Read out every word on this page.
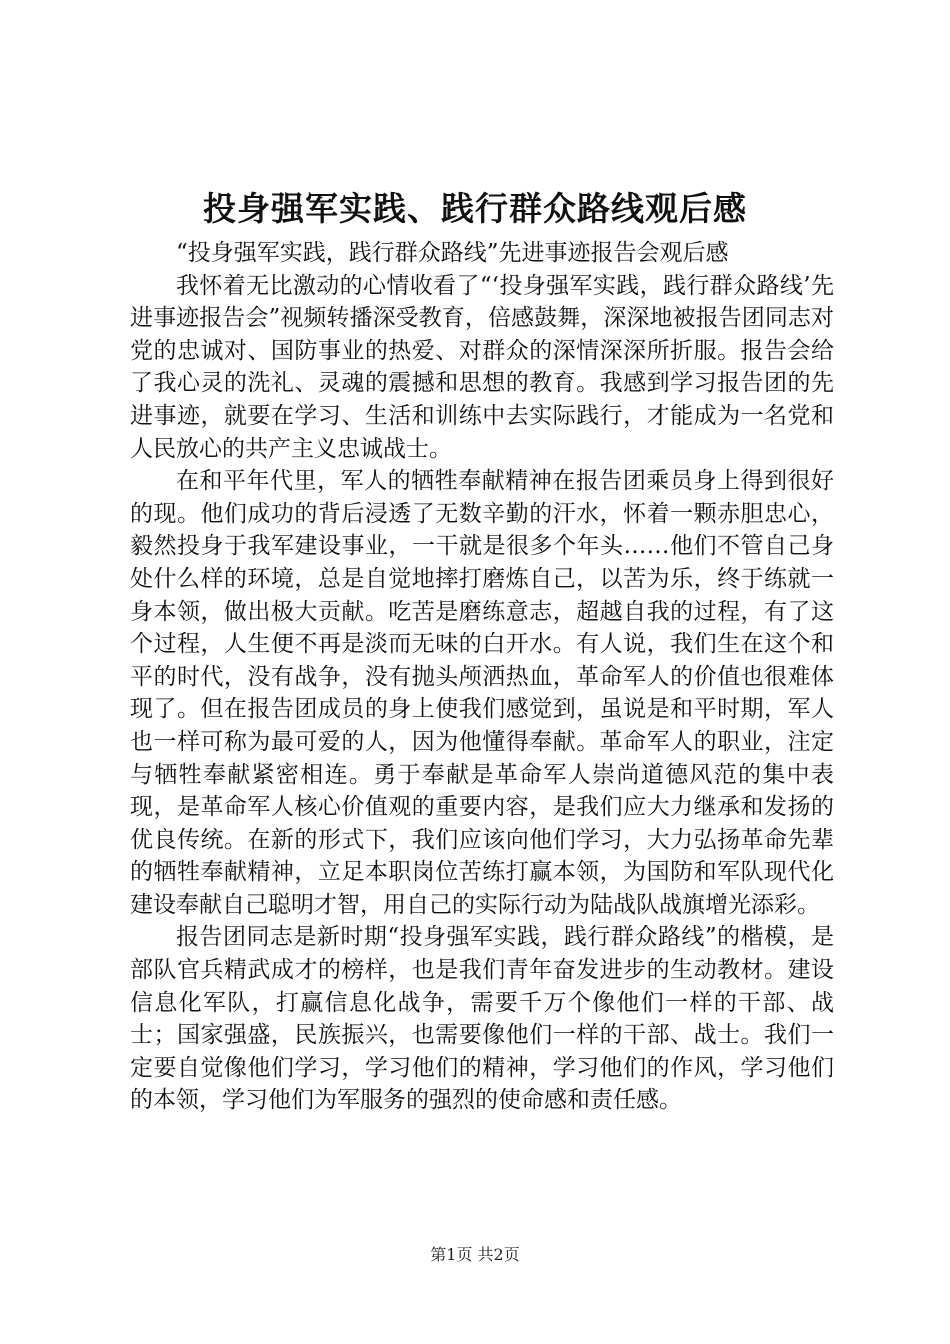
投身强军实践、践行群众路线观后感

“投身强军实践，践行群众路线”先进事迹报告会观后感

我怀着无比激动的心情收看了“‘投身强军实践，践行群众路线’先进事迹报告会”视频转播深受教育，倍感鼓舞，深深地被报告团同志对党的忠诚对、国防事业的热爱、对群众的深情深深所折服。报告会给了我心灵的洗礼、灵魂的震撼和思想的教育。我感到学习报告团的先进事迹，就要在学习、生活和训练中去实际践行，才能成为一名党和人民放心的共产主义忠诚战士。

在和平年代里，军人的牺牲奉献精神在报告团乘员身上得到很好的现。他们成功的背后浸透了无数辛勤的汗水，怀着一颗赤胆忠心，毅然投身于我军建设事业，一干就是很多个年头……他们不管自己身处什么样的环境，总是自觉地摔打磨炼自己，以苦为乐，终于练就一身本领，做出极大贡献。吃苦是磨练意志，超越自我的过程，有了这个过程，人生便不再是淡而无味的白开水。有人说，我们生在这个和平的时代，没有战争，没有抛头颅洒热血，革命军人的价值也很难体现了。但在报告团成员的身上使我们感觉到，虽说是和平时期，军人也一样可称为最可爱的人，因为他懂得奉献。革命军人的职业，注定与牺牲奉献紧密相连。勇于奉献是革命军人崇尚道德风范的集中表现，是革命军人核心价值观的重要内容，是我们应大力继承和发扬的优良传统。在新的形式下，我们应该向他们学习，大力弘扬革命先辈的牺牲奉献精神，立足本职岗位苦练打赢本领，为国防和军队现代化建设奉献自己聪明才智，用自己的实际行动为陆战队战旗增光添彩。

报告团同志是新时期“投身强军实践，践行群众路线”的楷模，是部队官兵精武成才的榜样，也是我们青年奋发进步的生动教材。建设信息化军队，打赢信息化战争，需要千万个像他们一样的干部、战士；国家强盛，民族振兴，也需要像他们一样的干部、战士。我们一定要自觉像他们学习，学习他们的精神，学习他们的作风，学习他们的本领，学习他们为军服务的强烈的使命感和责任感。

第1页 共2页
